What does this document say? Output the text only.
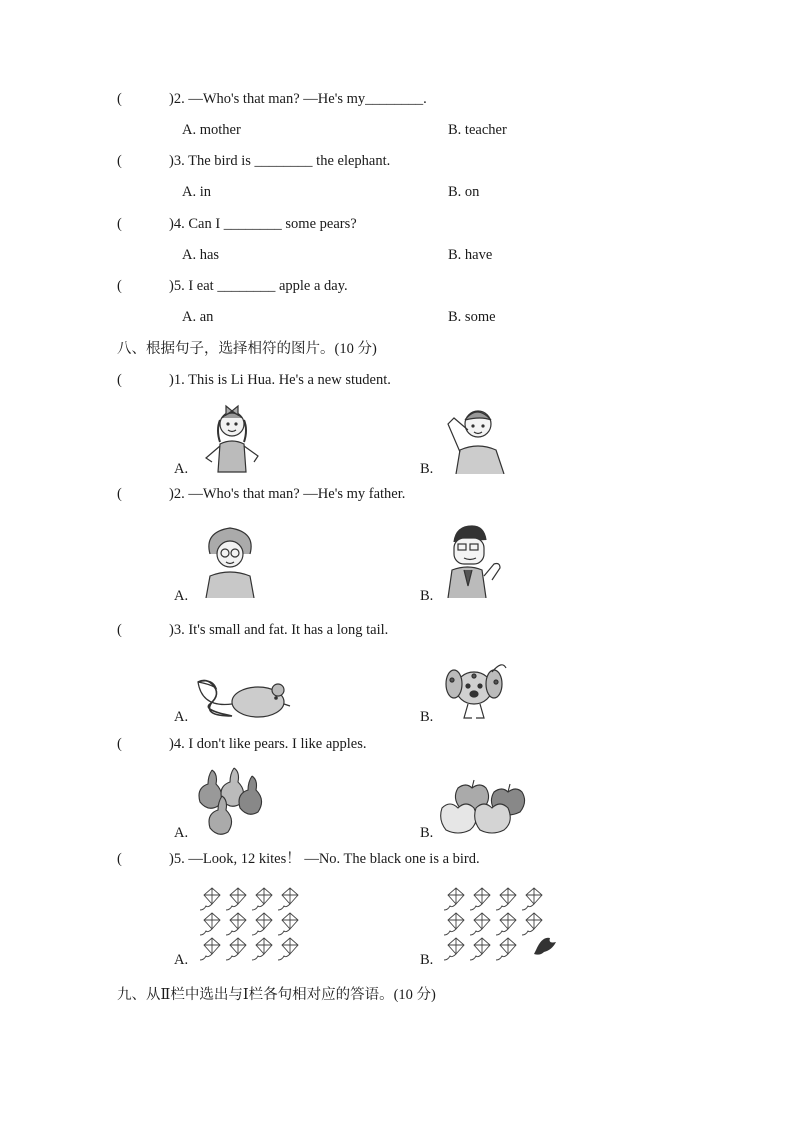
(	)2. —Who's that man? —He's my________.
A. mother	B. teacher
(	)3. The bird is ________ the elephant.
A. in	B. on
(	)4. Can I ________ some pears?
A. has	B. have
(	)5. I eat ________ apple a day.
A. an	B. some
八、根据句子，选择相符的图片。(10 分)
(	)1. This is Li Hua. He's a new student.
A.	B.
(	)2. —Who's that man? —He's my father.
A.	B.
(	)3. It's small and fat. It has a long tail.
A.	B.
(	)4. I don't like pears. I like apples.
A.	B.
(	)5. —Look, 12 kites！ —No. The black one is a bird.
A.	B.
九、从Ⅱ栏中选出与Ⅰ栏各句相对应的答语。(10 分)
